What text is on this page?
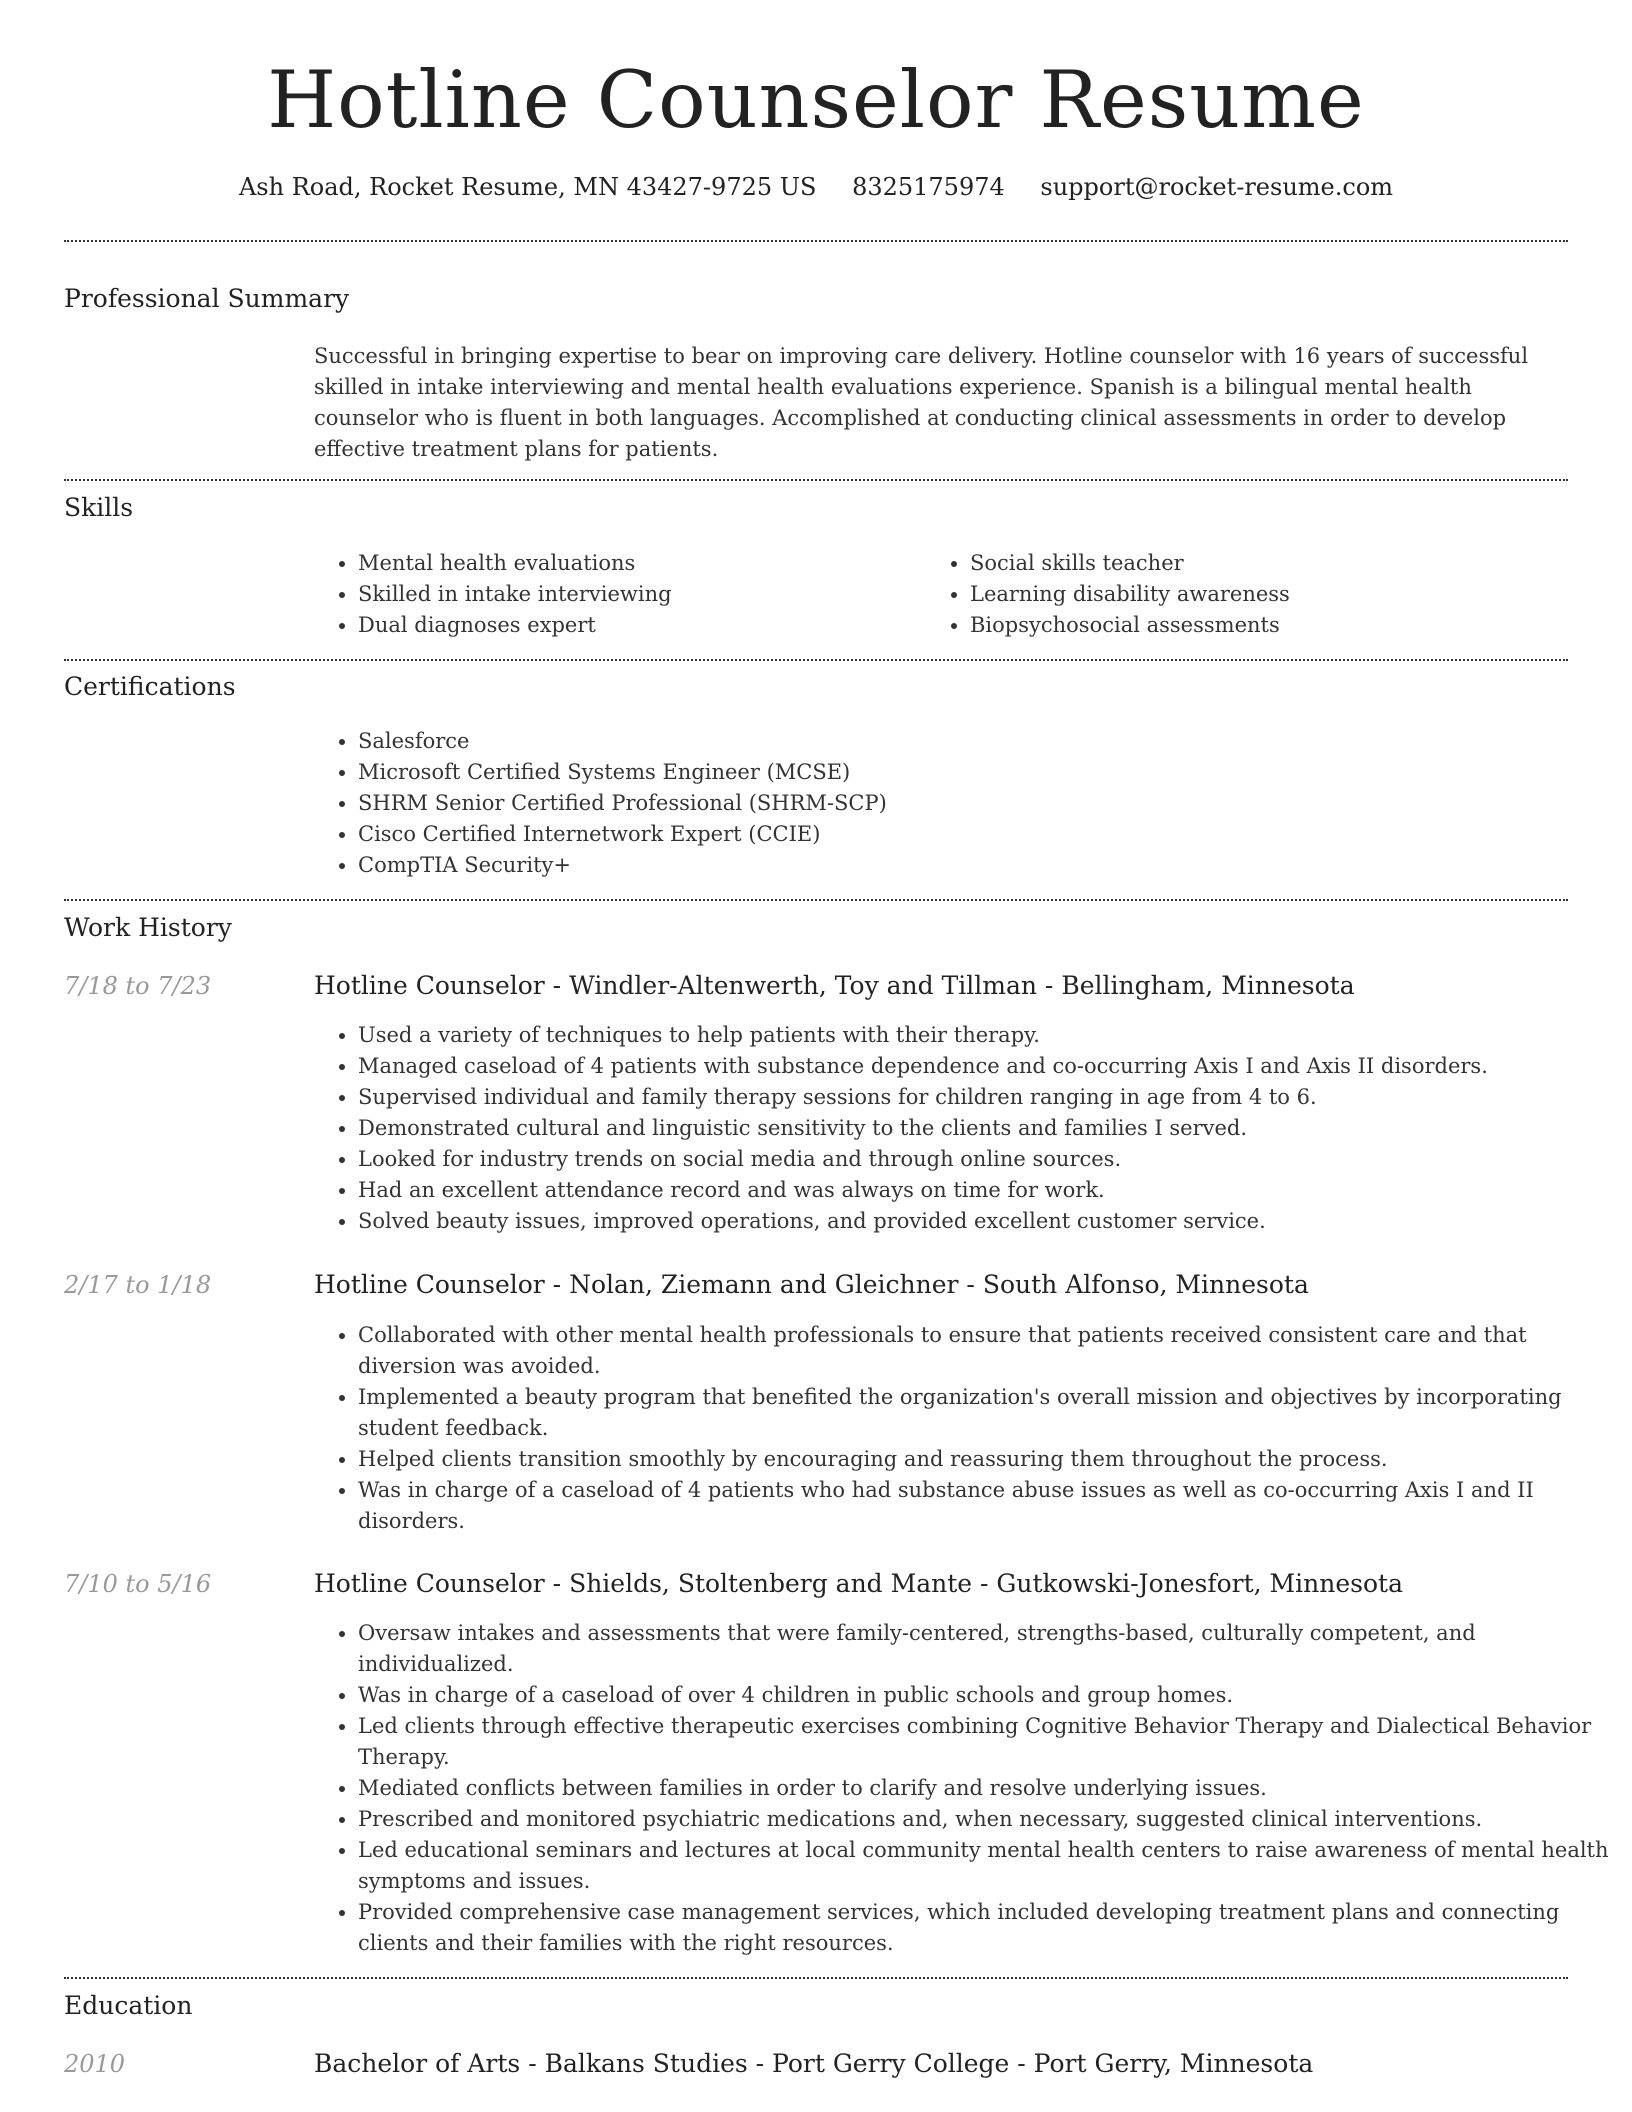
Hotline Counselor Resume
Ash Road, Rocket Resume, MN 43427-9725 US 8325175974 support@rocket-resume.com
Professional Summary
Successful in bringing expertise to bear on improving care delivery. Hotline counselor with 16 years of successful skilled in intake interviewing and mental health evaluations experience. Spanish is a bilingual mental health counselor who is fluent in both languages. Accomplished at conducting clinical assessments in order to develop effective treatment plans for patients.
Skills
• Mental health evaluations
• Skilled in intake interviewing
• Dual diagnoses expert
• Social skills teacher
• Learning disability awareness
• Biopsychosocial assessments
Certifications
• Salesforce
• Microsoft Certified Systems Engineer (MCSE)
• SHRM Senior Certified Professional (SHRM-SCP)
• Cisco Certified Internetwork Expert (CCIE)
• CompTIA Security+
Work History
7/18 to 7/23	Hotline Counselor - Windler-Altenwerth, Toy and Tillman - Bellingham, Minnesota
• Used a variety of techniques to help patients with their therapy.
• Managed caseload of 4 patients with substance dependence and co-occurring Axis I and Axis II disorders.
• Supervised individual and family therapy sessions for children ranging in age from 4 to 6.
• Demonstrated cultural and linguistic sensitivity to the clients and families I served.
• Looked for industry trends on social media and through online sources.
• Had an excellent attendance record and was always on time for work.
• Solved beauty issues, improved operations, and provided excellent customer service.
2/17 to 1/18	Hotline Counselor - Nolan, Ziemann and Gleichner - South Alfonso, Minnesota
• Collaborated with other mental health professionals to ensure that patients received consistent care and that diversion was avoided.
• Implemented a beauty program that benefited the organization's overall mission and objectives by incorporating student feedback.
• Helped clients transition smoothly by encouraging and reassuring them throughout the process.
• Was in charge of a caseload of 4 patients who had substance abuse issues as well as co-occurring Axis I and II disorders.
7/10 to 5/16	Hotline Counselor - Shields, Stoltenberg and Mante - Gutkowski-Jonesfort, Minnesota
• Oversaw intakes and assessments that were family-centered, strengths-based, culturally competent, and individualized.
• Was in charge of a caseload of over 4 children in public schools and group homes.
• Led clients through effective therapeutic exercises combining Cognitive Behavior Therapy and Dialectical Behavior Therapy.
• Mediated conflicts between families in order to clarify and resolve underlying issues.
• Prescribed and monitored psychiatric medications and, when necessary, suggested clinical interventions.
• Led educational seminars and lectures at local community mental health centers to raise awareness of mental health symptoms and issues.
• Provided comprehensive case management services, which included developing treatment plans and connecting clients and their families with the right resources.
Education
2010	Bachelor of Arts - Balkans Studies - Port Gerry College - Port Gerry, Minnesota
